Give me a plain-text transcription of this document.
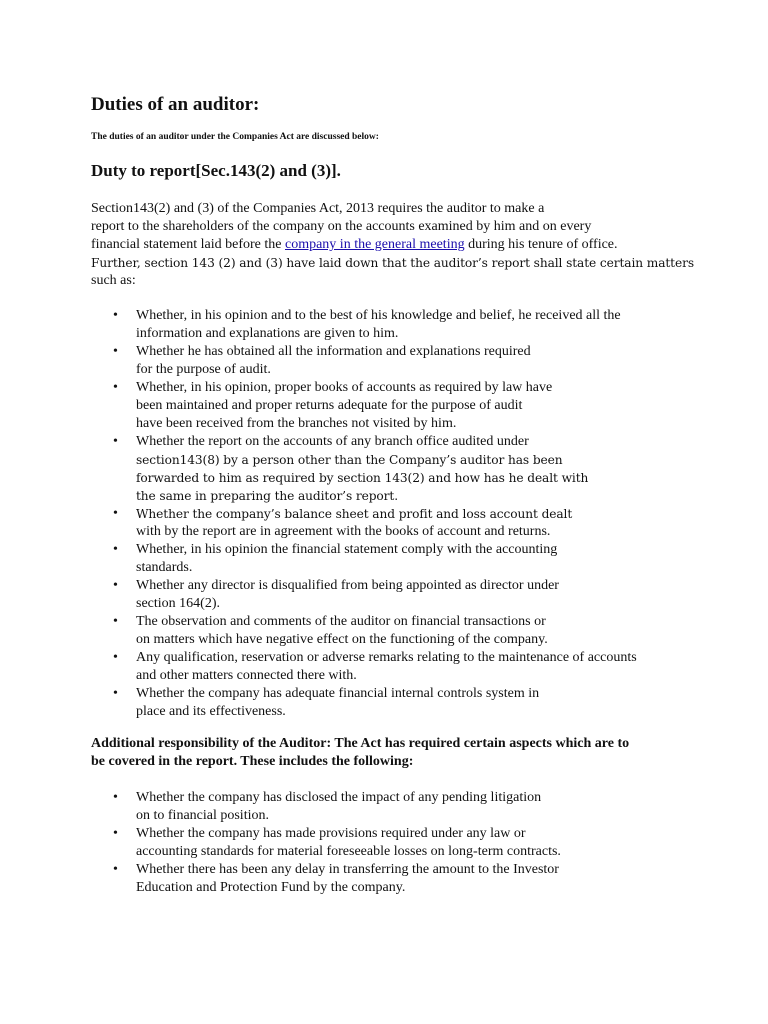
Duties of an auditor:

The duties of an auditor under the Companies Act are discussed below:

Duty to report[Sec.143(2) and (3)].

Section143(2) and (3) of the Companies Act, 2013 requires the auditor to make a
report to the shareholders of the company on the accounts examined by him and on every
financial statement laid before the company in the general meeting during his tenure of office.
Further, section 143 (2) and (3) have laid down that the auditor’s report shall state certain matters
such as:

• Whether, in his opinion and to the best of his knowledge and belief, he received all the
information and explanations are given to him.
• Whether he has obtained all the information and explanations required
for the purpose of audit.
• Whether, in his opinion, proper books of accounts as required by law have
been maintained and proper returns adequate for the purpose of audit
have been received from the branches not visited by him.
• Whether the report on the accounts of any branch office audited under
section143(8) by a person other than the Company’s auditor has been
forwarded to him as required by section 143(2) and how has he dealt with
the same in preparing the auditor’s report.
• Whether the company’s balance sheet and profit and loss account dealt
with by the report are in agreement with the books of account and returns.
• Whether, in his opinion the financial statement comply with the accounting
standards.
• Whether any director is disqualified from being appointed as director under
section 164(2).
• The observation and comments of the auditor on financial transactions or
on matters which have negative effect on the functioning of the company.
• Any qualification, reservation or adverse remarks relating to the maintenance of accounts
and other matters connected there with.
• Whether the company has adequate financial internal controls system in
place and its effectiveness.

Additional responsibility of the Auditor: The Act has required certain aspects which are to
be covered in the report. These includes the following:

• Whether the company has disclosed the impact of any pending litigation
on to financial position.
• Whether the company has made provisions required under any law or
accounting standards for material foreseeable losses on long-term contracts.
• Whether there has been any delay in transferring the amount to the Investor
Education and Protection Fund by the company.
